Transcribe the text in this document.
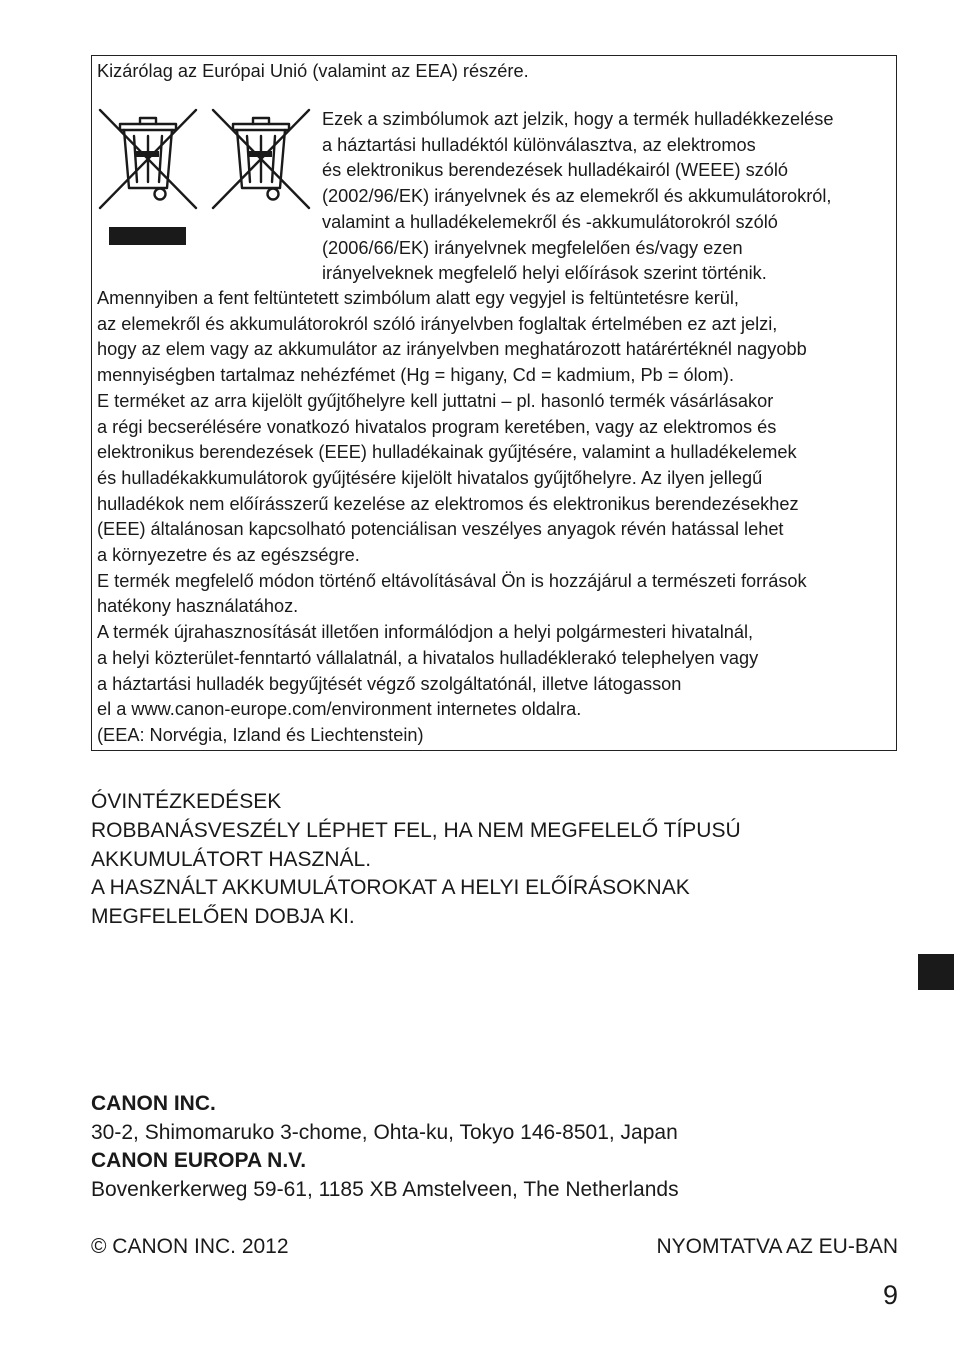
Kizárólag az Európai Unió (valamint az EEA) részére.
Ezek a szimbólumok azt jelzik, hogy a termék hulladékkezelése
a háztartási hulladéktól különválasztva, az elektromos
és elektronikus berendezések hulladékairól (WEEE) szóló
(2002/96/EK) irányelvnek és az elemekről és akkumulátorokról,
valamint a hulladékelemekről és -akkumulátorokról szóló
(2006/66/EK) irányelvnek megfelelően és/vagy ezen
irányelveknek megfelelő helyi előírások szerint történik.
Amennyiben a fent feltüntetett szimbólum alatt egy vegyjel is feltüntetésre kerül,
az elemekről és akkumulátorokról szóló irányelvben foglaltak értelmében ez azt jelzi,
hogy az elem vagy az akkumulátor az irányelvben meghatározott határértéknél nagyobb
mennyiségben tartalmaz nehézfémet (Hg = higany, Cd = kadmium, Pb = ólom).
E terméket az arra kijelölt gyűjtőhelyre kell juttatni – pl. hasonló termék vásárlásakor
a régi becserélésére vonatkozó hivatalos program keretében, vagy az elektromos és
elektronikus berendezések (EEE) hulladékainak gyűjtésére, valamint a hulladékelemek
és hulladékakkumulátorok gyűjtésére kijelölt hivatalos gyűjtőhelyre. Az ilyen jellegű
hulladékok nem előírásszerű kezelése az elektromos és elektronikus berendezésekhez
(EEE) általánosan kapcsolható potenciálisan veszélyes anyagok révén hatással lehet
a környezetre és az egészségre.
E termék megfelelő módon történő eltávolításával Ön is hozzájárul a természeti források
hatékony használatához.
A termék újrahasznosítását illetően informálódjon a helyi polgármesteri hivatalnál,
a helyi közterület-fenntartó vállalatnál, a hivatalos hulladéklerakó telephelyen vagy
a háztartási hulladék begyűjtését végző szolgáltatónál, illetve látogasson
el a www.canon-europe.com/environment internetes oldalra.
(EEA: Norvégia, Izland és Liechtenstein)
ÓVINTÉZKEDÉSEK
ROBBANÁSVESZÉLY LÉPHET FEL, HA NEM MEGFELELŐ TÍPUSÚ
AKKUMULÁTORT HASZNÁL.
A HASZNÁLT AKKUMULÁTOROKAT A HELYI ELŐÍRÁSOKNAK
MEGFELELŐEN DOBJA KI.
CANON INC.
30-2, Shimomaruko 3-chome, Ohta-ku, Tokyo 146-8501, Japan
CANON EUROPA N.V.
Bovenkerkerweg 59-61, 1185 XB Amstelveen, The Netherlands
© CANON INC. 2012	NYOMTATVA AZ EU-BAN
9
